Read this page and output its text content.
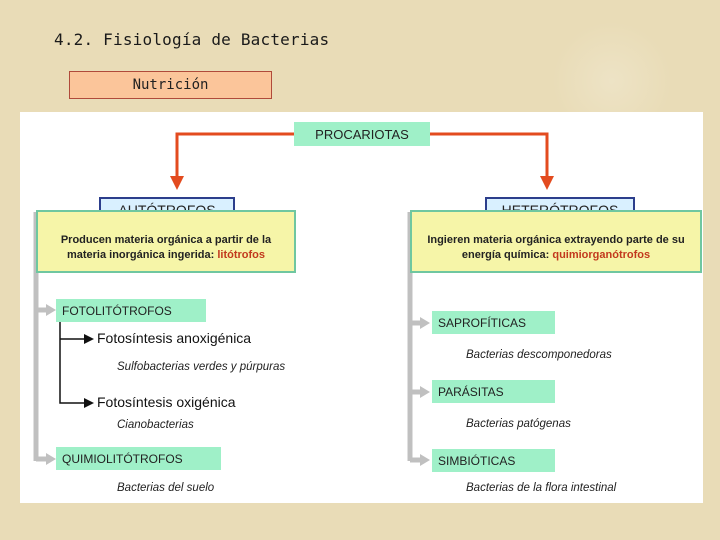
4.2. Fisiología de Bacterias
Nutrición
PROCARIOTAS
Producen materia orgánica a partir de la materia inorgánica ingerida: litótrofos
Ingieren materia orgánica extrayendo parte de su energía química: quimiorganótrofos
FOTOLITÓTROFOS
Fotosíntesis anoxigénica
Sulfobacterias verdes y púrpuras
Fotosíntesis oxigénica
Cianobacterias
QUIMIOLITÓTROFOS
Bacterias del suelo
SAPROFÍTICAS
Bacterias descomponedoras
PARÁSITAS
Bacterias patógenas
SIMBIÓTICAS
Bacterias de la flora intestinal
